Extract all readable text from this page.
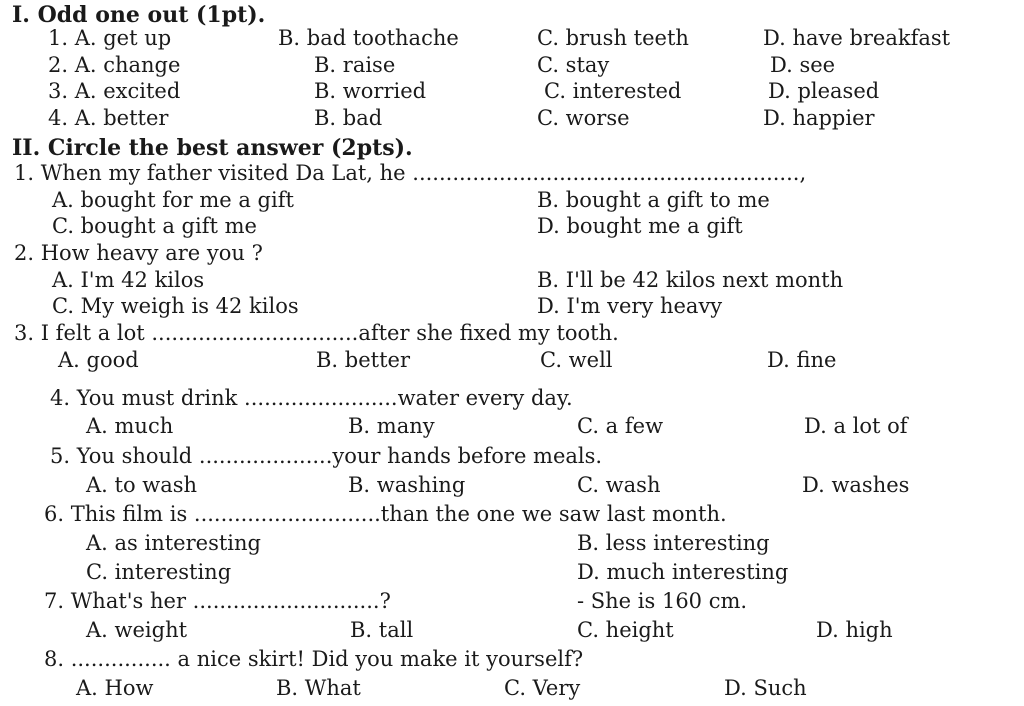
I. Odd one out (1pt).
1. A. get up	B. bad toothache	C. brush teeth	D. have breakfast
2. A. change	B. raise	C. stay	D. see
3. A. excited	B. worried	C. interested	D. pleased
4. A. better	B. bad	C. worse	D. happier
II. Circle the best answer (2pts).
1. When my father visited Da Lat, he ..........................................................,
A. bought for me a gift	B. bought a gift to me
C. bought a gift me	D. bought me a gift
2. How heavy are you ?
A. I'm 42 kilos	B. I'll be 42 kilos next month
C. My weigh is 42 kilos	D. I'm very heavy
3. I felt a lot ...............................after she fixed my tooth.
A. good	B. better	C. well	D. fine
4. You must drink .......................water every day.
A. much	B. many	C. a few	D. a lot of
5. You should ....................your hands before meals.
A. to wash	B. washing	C. wash	D. washes
6. This film is ............................than the one we saw last month.
A. as interesting	B. less interesting
C. interesting	D. much interesting
7. What's her ............................?	- She is 160 cm.
A. weight	B. tall	C. height	D. high
8. ............... a nice skirt! Did you make it yourself?
A. How	B. What	C. Very	D. Such
